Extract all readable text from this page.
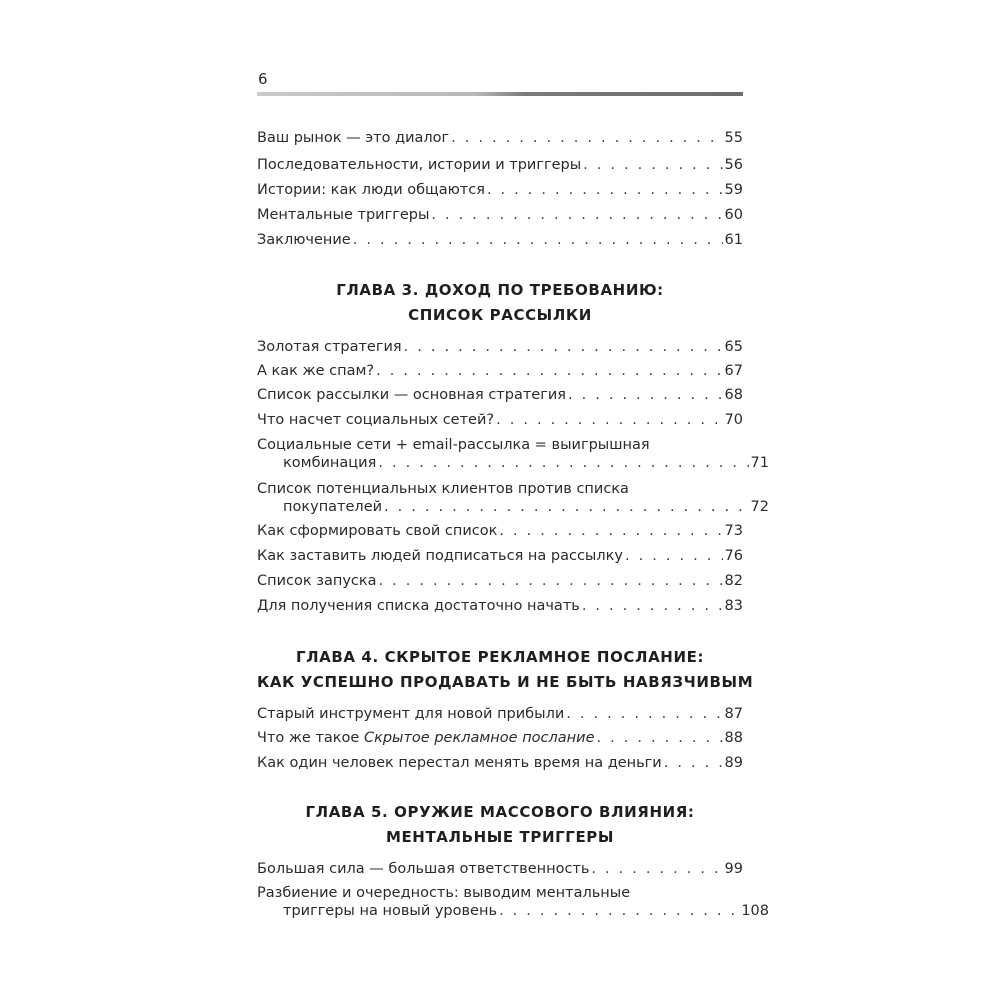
6
Ваш рынок — это диалог . . .	55
Последовательности, истории и триггеры . . .	56
Истории: как люди общаются . . .	59
Ментальные триггеры . . .	60
Заключение . . .	61
ГЛАВА 3. ДОХОД ПО ТРЕБОВАНИЮ:
СПИСОК РАССЫЛКИ
Золотая стратегия . . .	65
А как же спам? . . .	67
Список рассылки — основная стратегия . . .	68
Что насчет социальных сетей? . . .	70
Социальные сети + email-рассылка = выигрышная
комбинация . . .	71
Список потенциальных клиентов против списка
покупателей . . .	72
Как сформировать свой список . . .	73
Как заставить людей подписаться на рассылку . . .	76
Список запуска . . .	82
Для получения списка достаточно начать . . .	83
ГЛАВА 4. СКРЫТОЕ РЕКЛАМНОЕ ПОСЛАНИЕ:
КАК УСПЕШНО ПРОДАВАТЬ И НЕ БЫТЬ НАВЯЗЧИВЫМ
Старый инструмент для новой прибыли . . .	87
Что же такое Скрытое рекламное послание . . .	88
Как один человек перестал менять время на деньги . . .	89
ГЛАВА 5. ОРУЖИЕ МАССОВОГО ВЛИЯНИЯ:
МЕНТАЛЬНЫЕ ТРИГГЕРЫ
Большая сила — большая ответственность . . .	99
Разбиение и очередность: выводим ментальные
триггеры на новый уровень . . .	108
